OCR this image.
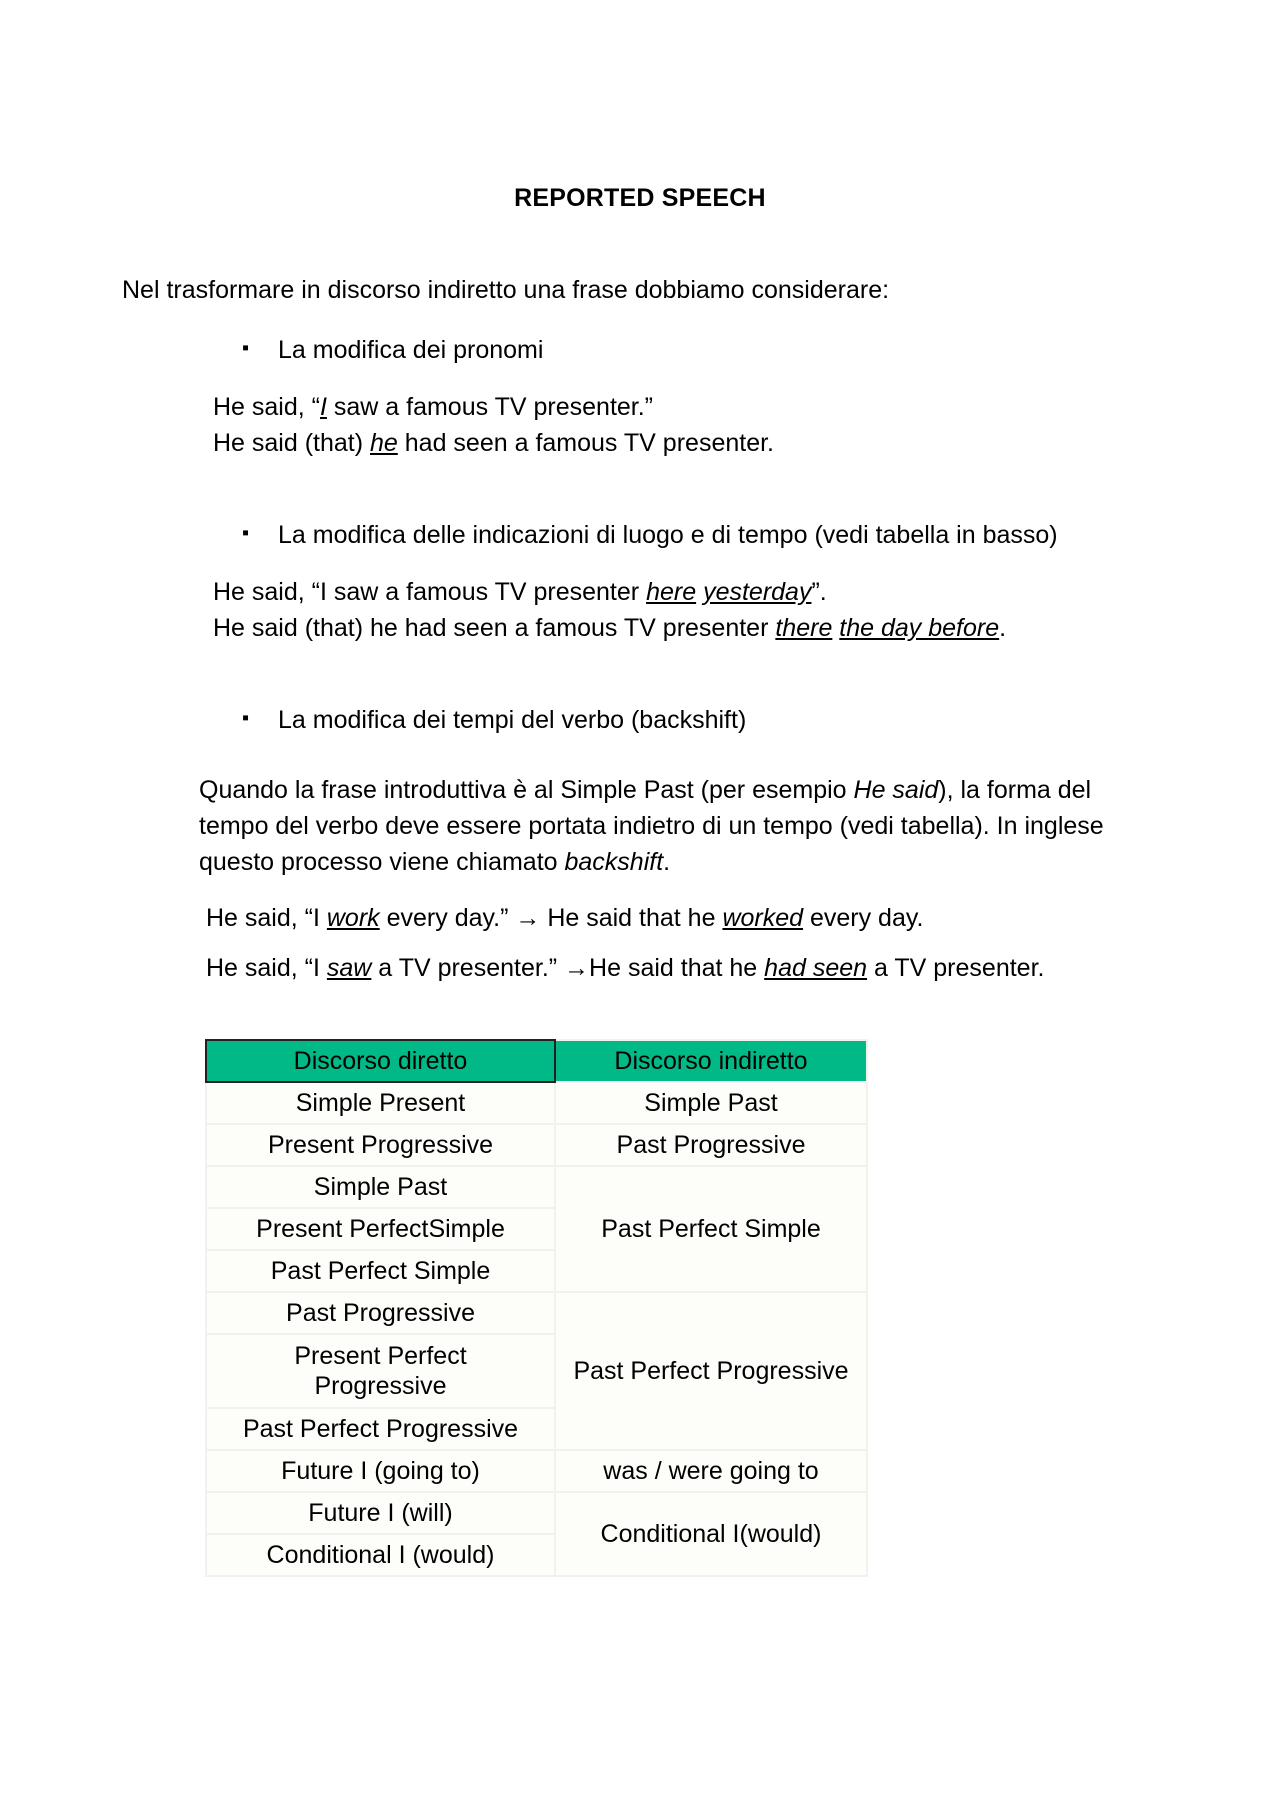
REPORTED SPEECH
Nel trasformare in discorso indiretto una frase dobbiamo considerare:
▪ La modifica dei pronomi
He said, “I saw a famous TV presenter.”
He said (that) he had seen a famous TV presenter.
▪ La modifica delle indicazioni di luogo e di tempo (vedi tabella in basso)
He said, “I saw a famous TV presenter here yesterday”.
He said (that) he had seen a famous TV presenter there the day before.
▪ La modifica dei tempi del verbo (backshift)
Quando la frase introduttiva è al Simple Past (per esempio He said), la forma del tempo del verbo deve essere portata indietro di un tempo (vedi tabella). In inglese questo processo viene chiamato backshift.
He said, “I work every day.” → He said that he worked every day.
He said, “I saw a TV presenter.” →He said that he had seen a TV presenter.
Discorso diretto	Discorso indiretto
Simple Present	Simple Past
Present Progressive	Past Progressive
Simple Past	Past Perfect Simple
Present PerfectSimple	
Past Perfect Simple	
Past Progressive	Past Perfect Progressive
Present Perfect
Progressive	
Past Perfect Progressive	
Future I (going to)	was / were going to
Future I (will)	Conditional I(would)
Conditional I (would)	
